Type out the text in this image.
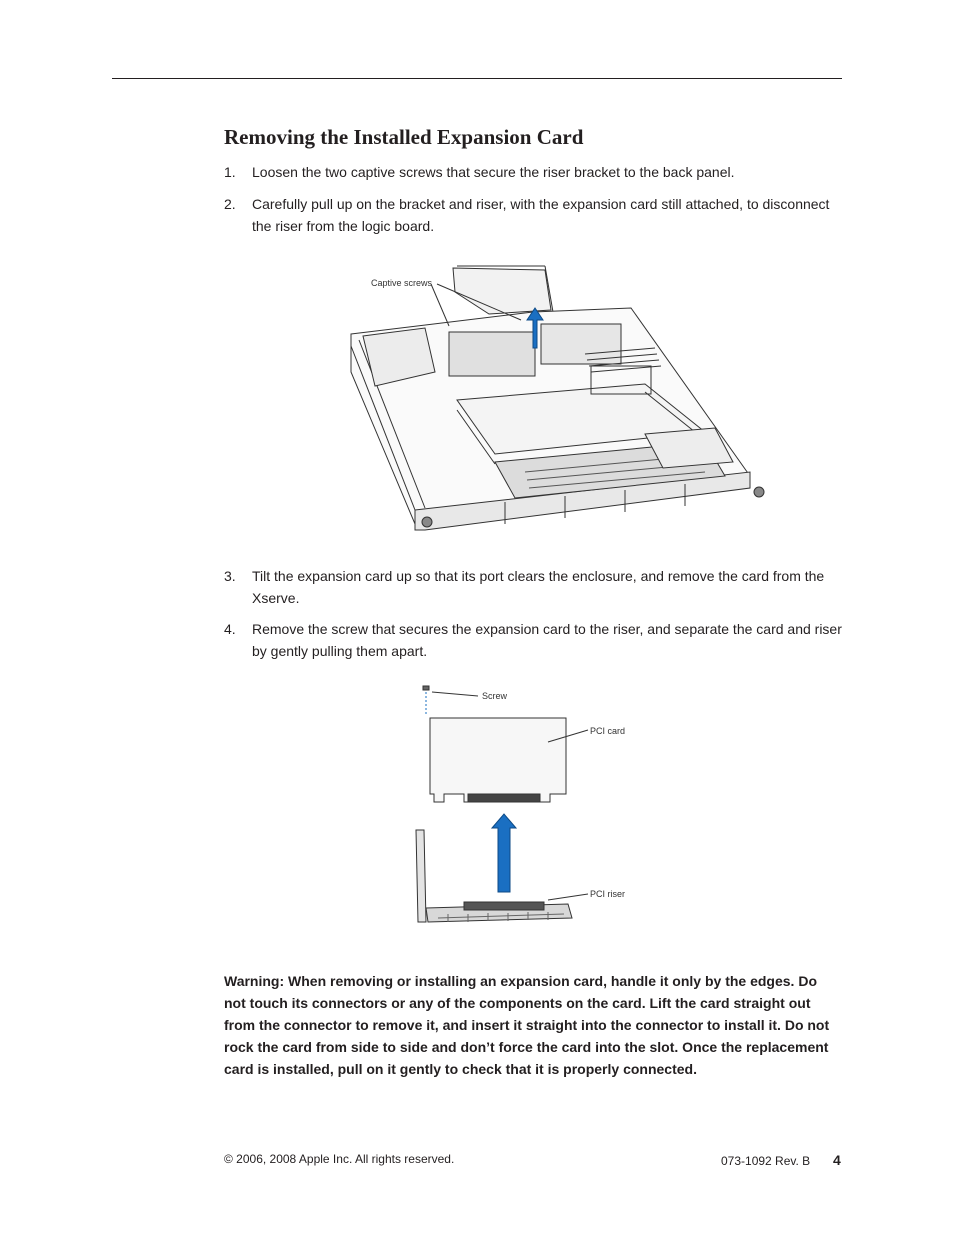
Removing the Installed Expansion Card
1. Loosen the two captive screws that secure the riser bracket to the back panel.
2. Carefully pull up on the bracket and riser, with the expansion card still attached, to disconnect the riser from the logic board.
Captive screws
3. Tilt the expansion card up so that its port clears the enclosure, and remove the card from the Xserve.
4. Remove the screw that secures the expansion card to the riser, and separate the card and riser by gently pulling them apart.
Screw
PCI card
PCI riser
Warning: When removing or installing an expansion card, handle it only by the edges. Do not touch its connectors or any of the components on the card. Lift the card straight out from the connector to remove it, and insert it straight into the connector to install it. Do not rock the card from side to side and don’t force the card into the slot. Once the replacement card is installed, pull on it gently to check that it is properly connected.
© 2006, 2008 Apple Inc. All rights reserved.	073-1092 Rev. B 4
